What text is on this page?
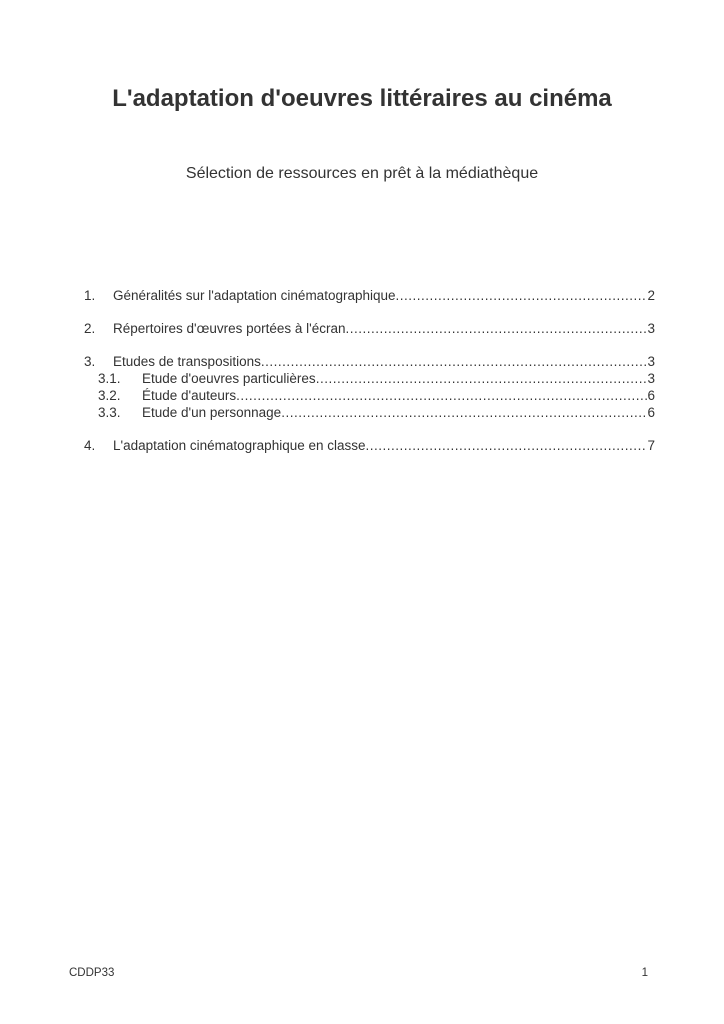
L'adaptation d'oeuvres littéraires au cinéma
Sélection de ressources en prêt à la médiathèque
1.	Généralités sur l'adaptation cinématographique .....	2
2.	Répertoires d'œuvres portées à l'écran .....	3
3.	Etudes de transpositions .....	3
3.1.	Etude d'oeuvres particulières .....	3
3.2.	Étude d'auteurs .....	6
3.3.	Etude d'un personnage .....	6
4.	L'adaptation cinématographique en classe .....	7
CDDP33	1
